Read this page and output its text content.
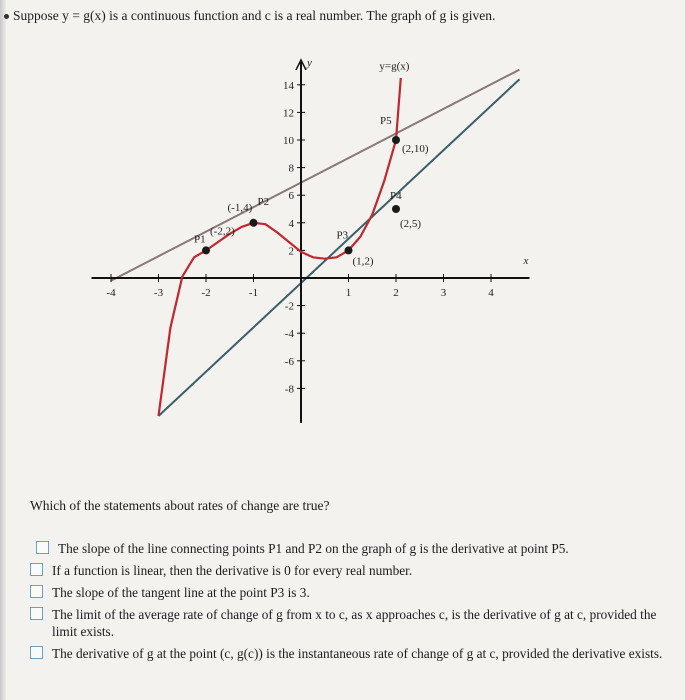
Suppose y = g(x) is a continuous function and c is a real number. The graph of g is given.
y
x
-4	-3	-2	-1	1	2	3	4
14
12
10
8
6
4
2
-2
-4
-6
-8
y=g(x)
P1
(-2,2)
P2
(-1,4)
P3
(1,2)
P4
(2,5)
P5
(2,10)
Which of the statements about rates of change are true?
The slope of the line connecting points P1 and P2 on the graph of g is the derivative at point P5.
If a function is linear, then the derivative is 0 for every real number.
The slope of the tangent line at the point P3 is 3.
The limit of the average rate of change of g from x to c, as x approaches c, is the derivative of g at c, provided the limit exists.
The derivative of g at the point (c, g(c)) is the instantaneous rate of change of g at c, provided the derivative exists.
